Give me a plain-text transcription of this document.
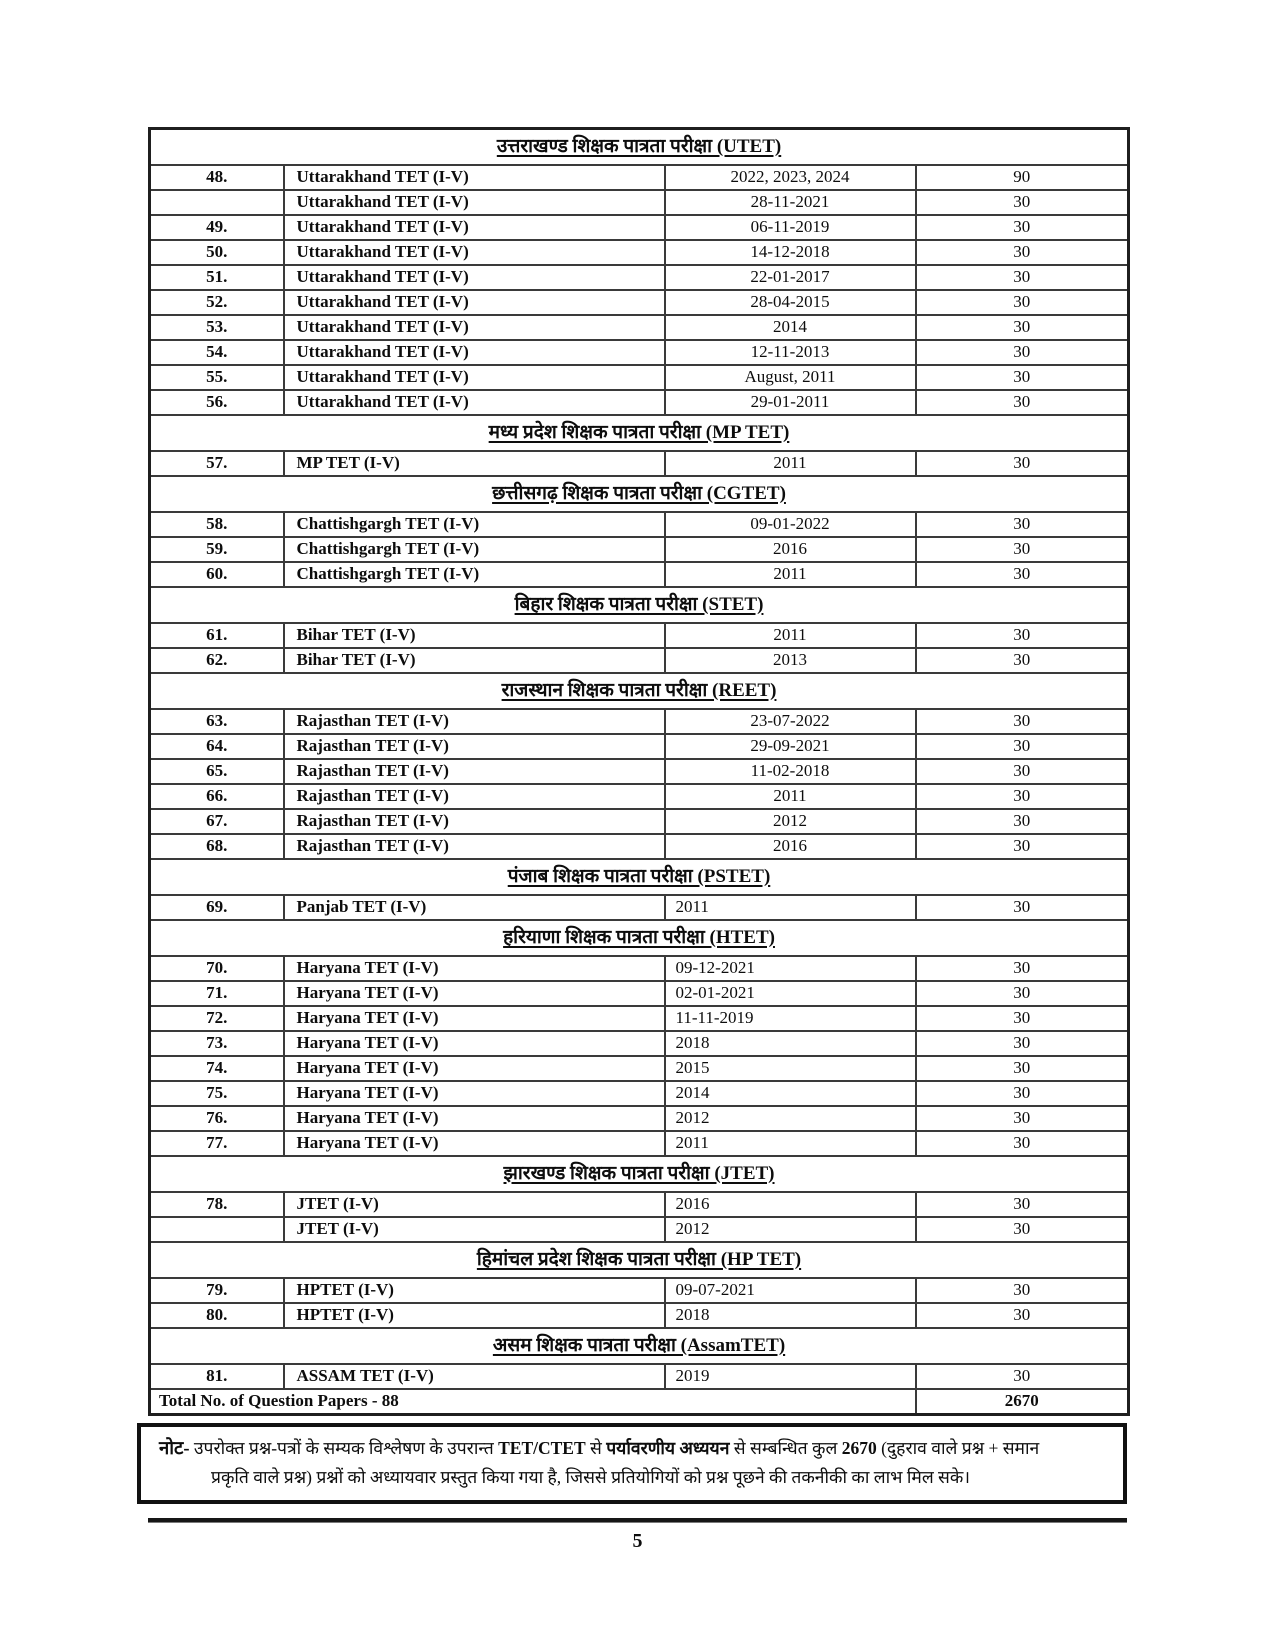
उत्तराखण्ड शिक्षक पात्रता परीक्षा (UTET)			
48.	Uttarakhand TET (I-V)	2022, 2023, 2024	90
	Uttarakhand TET (I-V)	28-11-2021	30
49.	Uttarakhand TET (I-V)	06-11-2019	30
50.	Uttarakhand TET (I-V)	14-12-2018	30
51.	Uttarakhand TET (I-V)	22-01-2017	30
52.	Uttarakhand TET (I-V)	28-04-2015	30
53.	Uttarakhand TET (I-V)	2014	30
54.	Uttarakhand TET (I-V)	12-11-2013	30
55.	Uttarakhand TET (I-V)	August, 2011	30
56.	Uttarakhand TET (I-V)	29-01-2011	30
मध्य प्रदेश शिक्षक पात्रता परीक्षा (MP TET)			
57.	MP TET (I-V)	2011	30
छत्तीसगढ़ शिक्षक पात्रता परीक्षा (CGTET)			
58.	Chattishgargh TET (I-V)	09-01-2022	30
59.	Chattishgargh TET (I-V)	2016	30
60.	Chattishgargh TET (I-V)	2011	30
बिहार शिक्षक पात्रता परीक्षा (STET)			
61.	Bihar TET (I-V)	2011	30
62.	Bihar TET (I-V)	2013	30
राजस्थान शिक्षक पात्रता परीक्षा (REET)			
63.	Rajasthan TET (I-V)	23-07-2022	30
64.	Rajasthan TET (I-V)	29-09-2021	30
65.	Rajasthan TET (I-V)	11-02-2018	30
66.	Rajasthan TET (I-V)	2011	30
67.	Rajasthan TET (I-V)	2012	30
68.	Rajasthan TET (I-V)	2016	30
पंजाब शिक्षक पात्रता परीक्षा (PSTET)			
69.	Panjab TET (I-V)	2011	30
हरियाणा शिक्षक पात्रता परीक्षा (HTET)			
70.	Haryana TET (I-V)	09-12-2021	30
71.	Haryana TET (I-V)	02-01-2021	30
72.	Haryana TET (I-V)	11-11-2019	30
73.	Haryana TET (I-V)	2018	30
74.	Haryana TET (I-V)	2015	30
75.	Haryana TET (I-V)	2014	30
76.	Haryana TET (I-V)	2012	30
77.	Haryana TET (I-V)	2011	30
झारखण्ड शिक्षक पात्रता परीक्षा (JTET)			
78.	JTET (I-V)	2016	30
	JTET (I-V)	2012	30
हिमांचल प्रदेश शिक्षक पात्रता परीक्षा (HP TET)			
79.	HPTET (I-V)	09-07-2021	30
80.	HPTET (I-V)	2018	30
असम शिक्षक पात्रता परीक्षा (AssamTET)			
81.	ASSAM TET (I-V)	2019	30
Total No. of Question Papers - 88			2670

नोट- उपरोक्त प्रश्न-पत्रों के सम्यक विश्लेषण के उपरान्त TET/CTET से पर्यावरणीय अध्ययन से सम्बन्धित कुल 2670 (दुहराव वाले प्रश्न + समान
प्रकृति वाले प्रश्न) प्रश्नों को अध्यायवार प्रस्तुत किया गया है, जिससे प्रतियोगियों को प्रश्न पूछने की तकनीकी का लाभ मिल सके।

5
